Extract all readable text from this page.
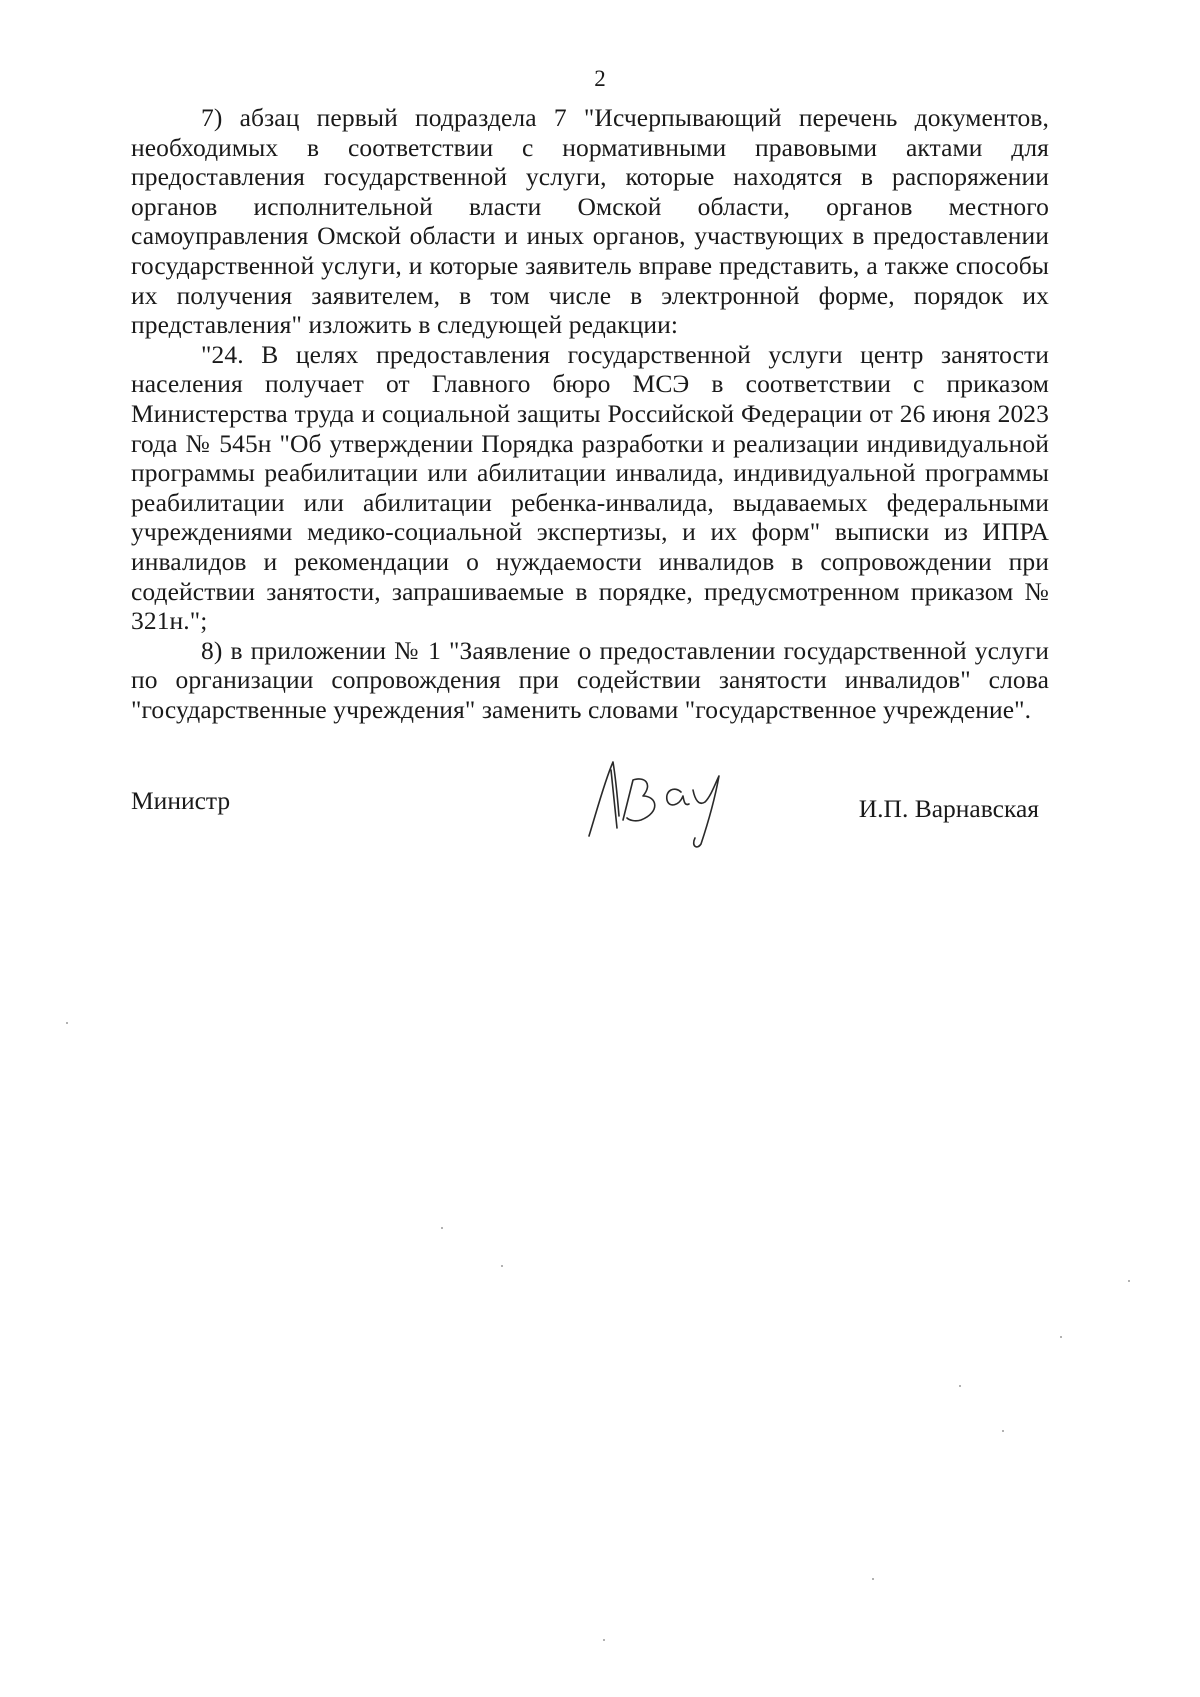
2

7) абзац первый подраздела 7 "Исчерпывающий перечень документов, необходимых в соответствии с нормативными правовыми актами для предоставления государственной услуги, которые находятся в распоряжении органов исполнительной власти Омской области, органов местного самоуправления Омской области и иных органов, участвующих в предоставлении государственной услуги, и которые заявитель вправе представить, а также способы их получения заявителем, в том числе в электронной форме, порядок их представления" изложить в следующей редакции:

"24. В целях предоставления государственной услуги центр занятости населения получает от Главного бюро МСЭ в соответствии с приказом Министерства труда и социальной защиты Российской Федерации от 26 июня 2023 года № 545н "Об утверждении Порядка разработки и реализации индивидуальной программы реабилитации или абилитации инвалида, индивидуальной программы реабилитации или абилитации ребенка-инвалида, выдаваемых федеральными учреждениями медико-социальной экспертизы, и их форм" выписки из ИПРА инвалидов и рекомендации о нуждаемости инвалидов в сопровождении при содействии занятости, запрашиваемые в порядке, предусмотренном приказом № 321н.";

8) в приложении № 1 "Заявление о предоставлении государственной услуги по организации сопровождения при содействии занятости инвалидов" слова "государственные учреждения" заменить словами "государственное учреждение".

Министр	И.П. Варнавская
